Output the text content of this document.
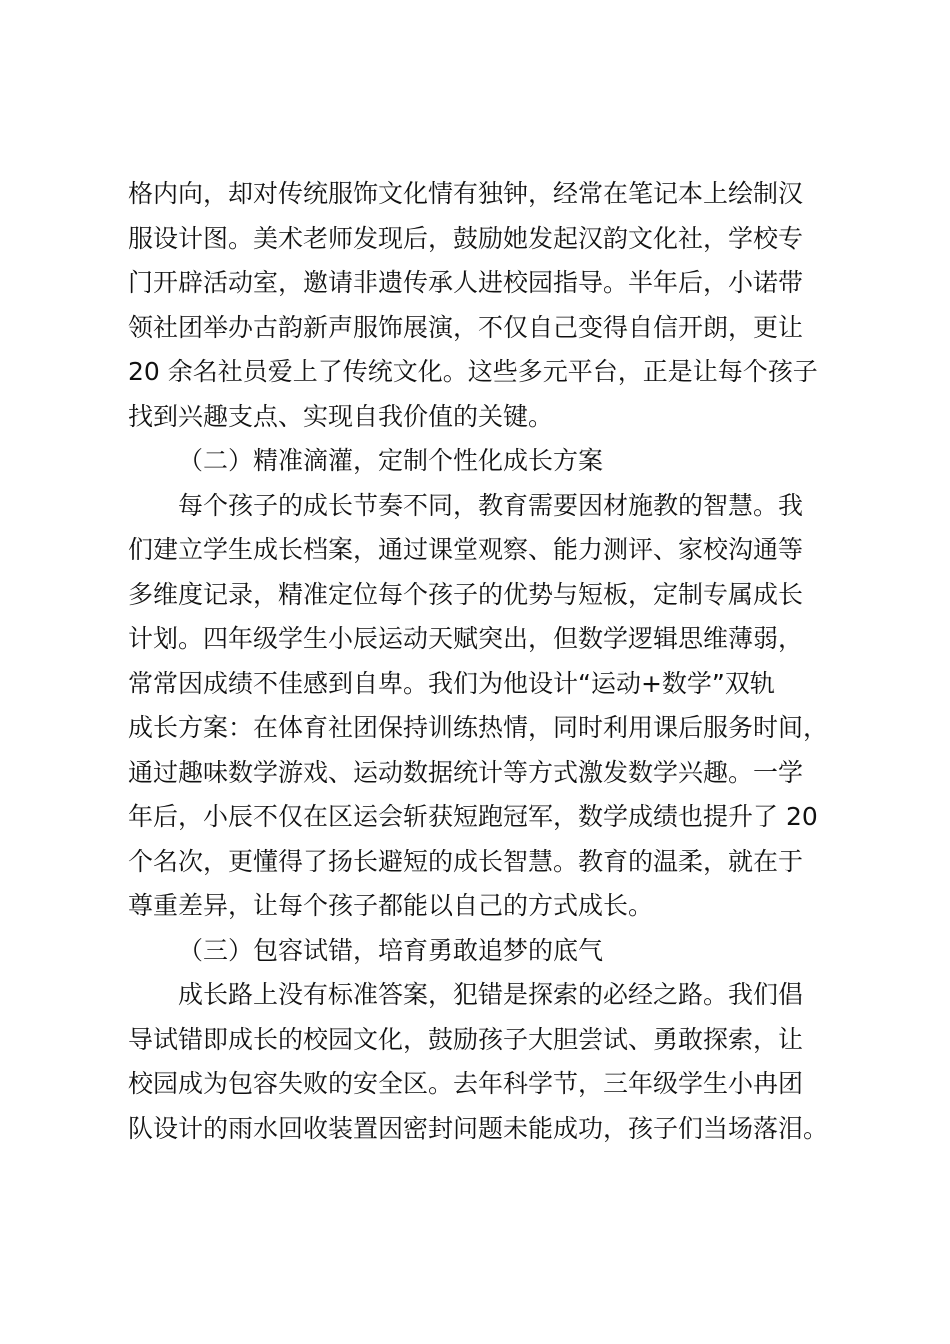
格内向，却对传统服饰文化情有独钟，经常在笔记本上绘制汉
服设计图。美术老师发现后，鼓励她发起汉韵文化社，学校专
门开辟活动室，邀请非遗传承人进校园指导。半年后，小诺带
领社团举办古韵新声服饰展演，不仅自己变得自信开朗，更让
20 余名社员爱上了传统文化。这些多元平台，正是让每个孩子
找到兴趣支点、实现自我价值的关键。
（二）精准滴灌，定制个性化成长方案
每个孩子的成长节奏不同，教育需要因材施教的智慧。我
们建立学生成长档案，通过课堂观察、能力测评、家校沟通等
多维度记录，精准定位每个孩子的优势与短板，定制专属成长
计划。四年级学生小辰运动天赋突出，但数学逻辑思维薄弱，
常常因成绩不佳感到自卑。我们为他设计“运动+数学”双轨
成长方案：在体育社团保持训练热情，同时利用课后服务时间，
通过趣味数学游戏、运动数据统计等方式激发数学兴趣。一学
年后，小辰不仅在区运会斩获短跑冠军，数学成绩也提升了 20
个名次，更懂得了扬长避短的成长智慧。教育的温柔，就在于
尊重差异，让每个孩子都能以自己的方式成长。
（三）包容试错，培育勇敢追梦的底气
成长路上没有标准答案，犯错是探索的必经之路。我们倡
导试错即成长的校园文化，鼓励孩子大胆尝试、勇敢探索，让
校园成为包容失败的安全区。去年科学节，三年级学生小冉团
队设计的雨水回收装置因密封问题未能成功，孩子们当场落泪。
